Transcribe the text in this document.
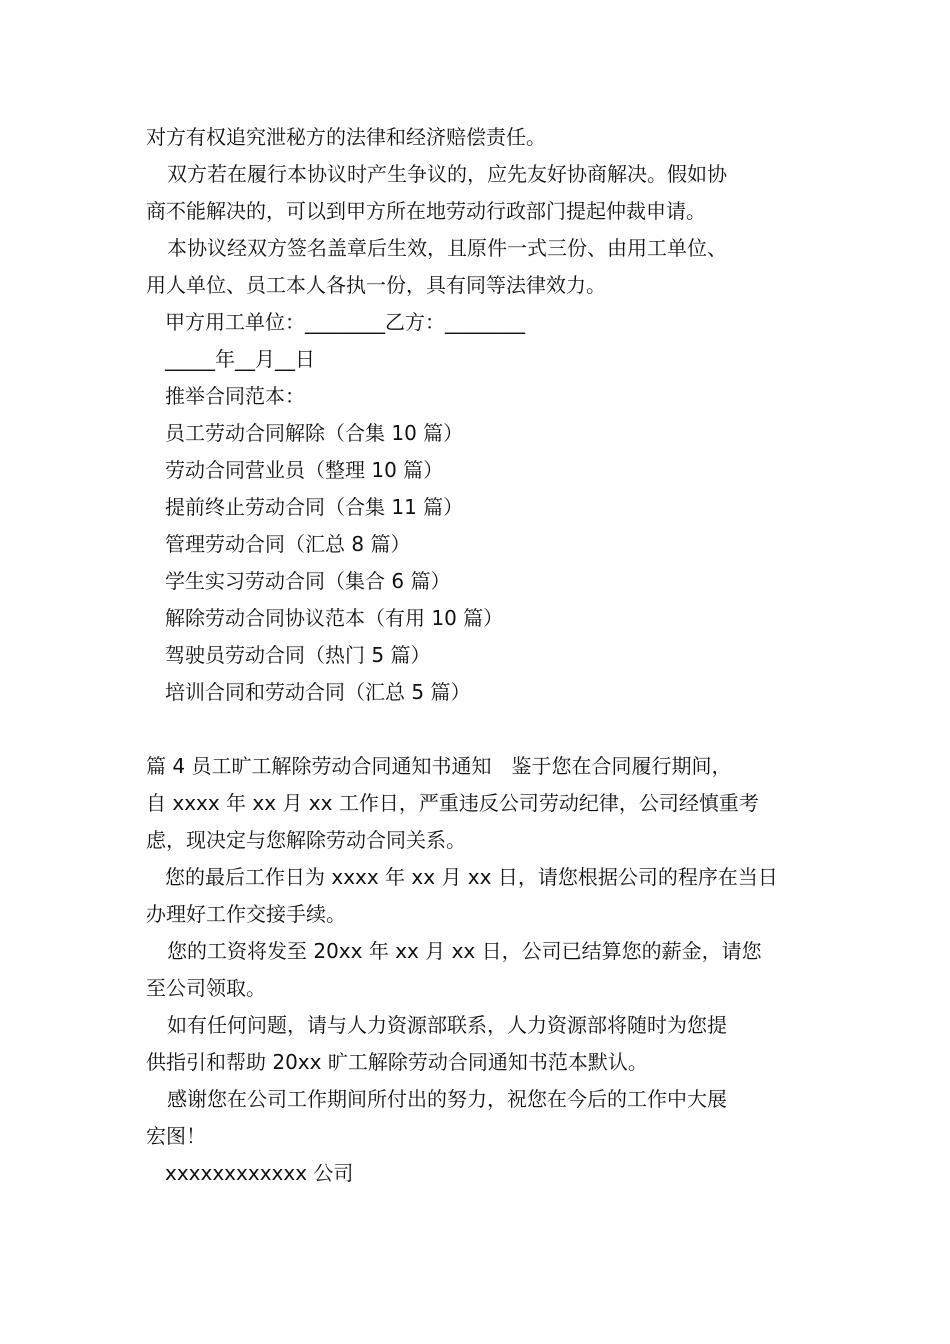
对方有权追究泄秘方的法律和经济赔偿责任。

双方若在履行本协议时产生争议的，应先友好协商解决。假如协

商不能解决的，可以到甲方所在地劳动行政部门提起仲裁申请。

本协议经双方签名盖章后生效，且原件一式三份、由用工单位、

用人单位、员工本人各执一份，具有同等法律效力。

甲方用工单位：________乙方：________

_____年__月__日

推举合同范本：

员工劳动合同解除（合集 10 篇）

劳动合同营业员（整理 10 篇）

提前终止劳动合同（合集 11 篇）

管理劳动合同（汇总 8 篇）

学生实习劳动合同（集合 6 篇）

解除劳动合同协议范本（有用 10 篇）

驾驶员劳动合同（热门 5 篇）

培训合同和劳动合同（汇总 5 篇）

篇 4 员工旷工解除劳动合同通知书通知　鉴于您在合同履行期间，

自 xxxx 年 xx 月 xx 工作日，严重违反公司劳动纪律，公司经慎重考

虑，现决定与您解除劳动合同关系。

您的最后工作日为 xxxx 年 xx 月 xx 日，请您根据公司的程序在当日

办理好工作交接手续。

您的工资将发至 20xx 年 xx 月 xx 日，公司已结算您的薪金，请您

至公司领取。

如有任何问题，请与人力资源部联系，人力资源部将随时为您提

供指引和帮助 20xx 旷工解除劳动合同通知书范本默认。

感谢您在公司工作期间所付出的努力，祝您在今后的工作中大展

宏图！

xxxxxxxxxxxx 公司
